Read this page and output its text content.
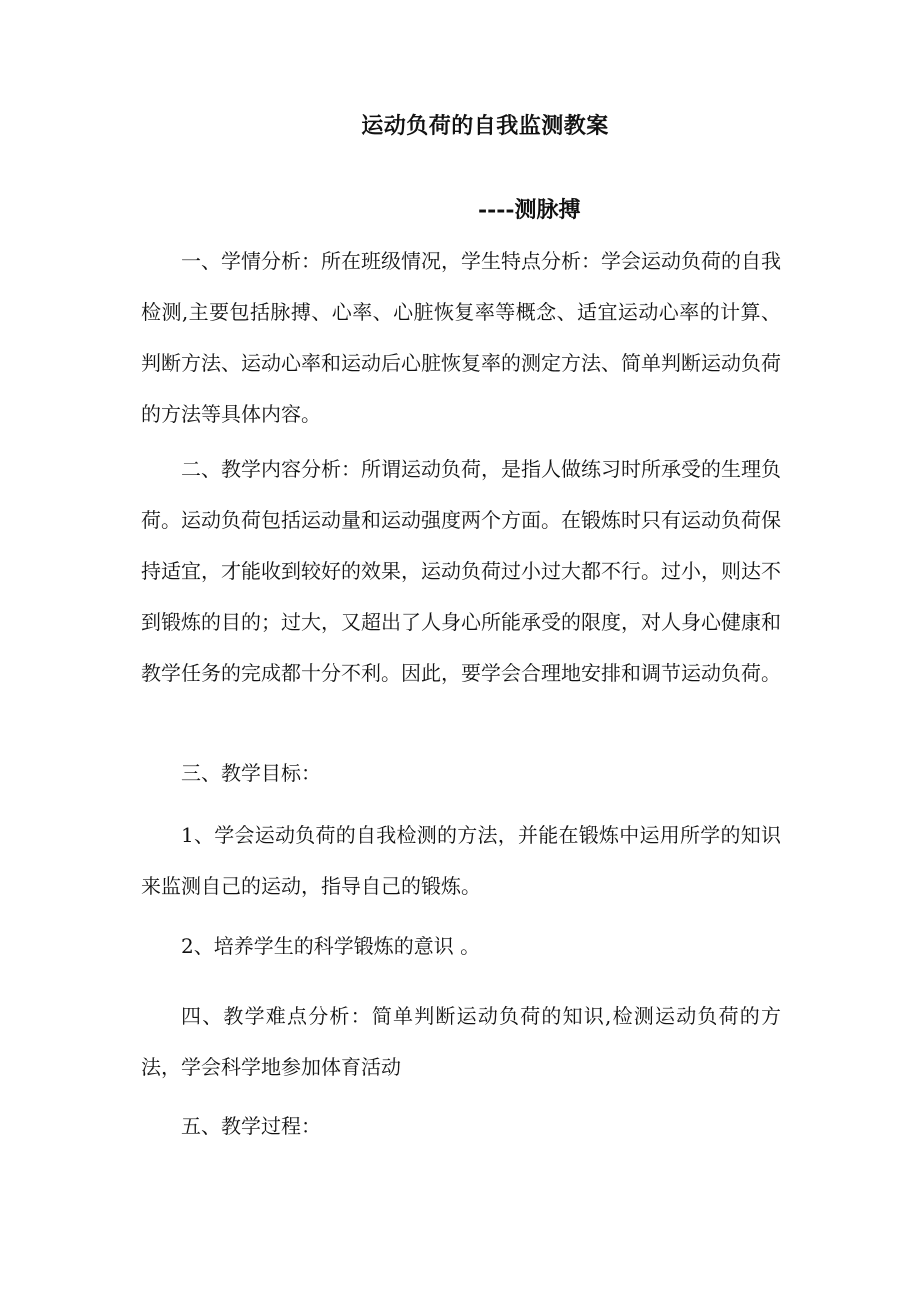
运动负荷的自我监测教案
----测脉搏

一、学情分析：所在班级情况，学生特点分析：学会运动负荷的自我检测,主要包括脉搏、心率、心脏恢复率等概念、适宜运动心率的计算、判断方法、运动心率和运动后心脏恢复率的测定方法、简单判断运动负荷的方法等具体内容。

二、教学内容分析：所谓运动负荷，是指人做练习时所承受的生理负荷。运动负荷包括运动量和运动强度两个方面。在锻炼时只有运动负荷保持适宜，才能收到较好的效果，运动负荷过小过大都不行。过小，则达不到锻炼的目的；过大，又超出了人身心所能承受的限度，对人身心健康和教学任务的完成都十分不利。因此，要学会合理地安排和调节运动负荷。

三、教学目标：

1、学会运动负荷的自我检测的方法，并能在锻炼中运用所学的知识来监测自己的运动，指导自己的锻炼。

2、培养学生的科学锻炼的意识 。

四、教学难点分析：简单判断运动负荷的知识,检测运动负荷的方法，学会科学地参加体育活动

五、教学过程：
